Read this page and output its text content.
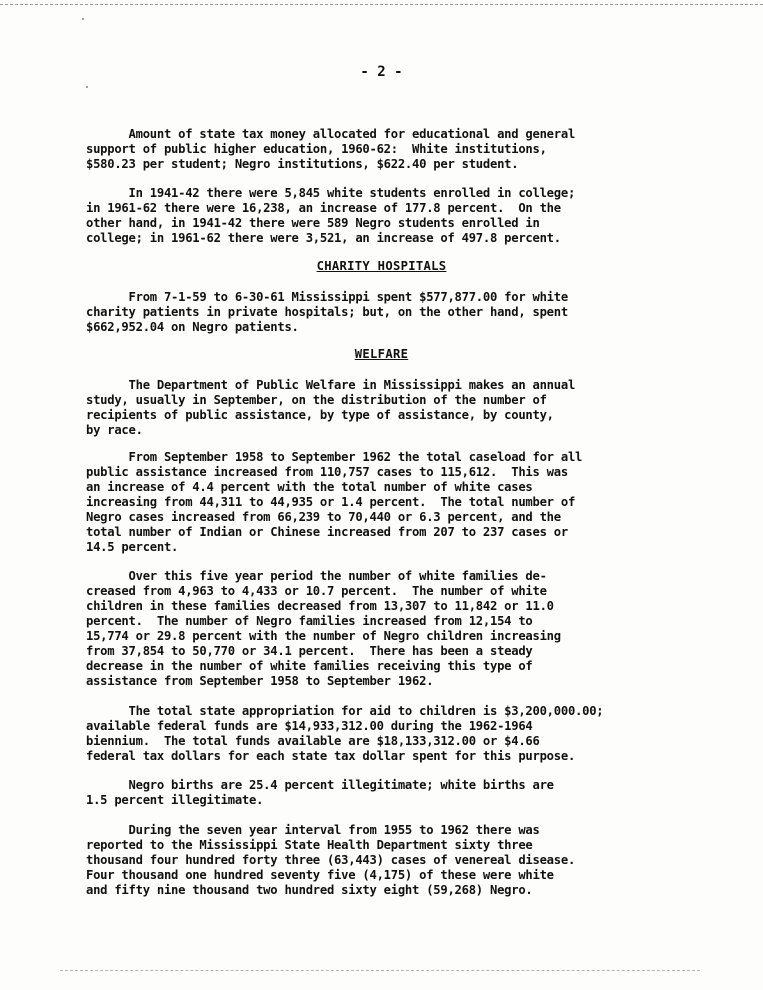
- 2 -
Amount of state tax money allocated for educational and general
support of public higher education, 1960-62:  White institutions,
$580.23 per student; Negro institutions, $622.40 per student.
In 1941-42 there were 5,845 white students enrolled in college;
in 1961-62 there were 16,238, an increase of 177.8 percent.  On the
other hand, in 1941-42 there were 589 Negro students enrolled in
college; in 1961-62 there were 3,521, an increase of 497.8 percent.
CHARITY HOSPITALS
From 7-1-59 to 6-30-61 Mississippi spent $577,877.00 for white
charity patients in private hospitals; but, on the other hand, spent
$662,952.04 on Negro patients.
WELFARE
The Department of Public Welfare in Mississippi makes an annual
study, usually in September, on the distribution of the number of
recipients of public assistance, by type of assistance, by county,
by race.
From September 1958 to September 1962 the total caseload for all
public assistance increased from 110,757 cases to 115,612.  This was
an increase of 4.4 percent with the total number of white cases
increasing from 44,311 to 44,935 or 1.4 percent.  The total number of
Negro cases increased from 66,239 to 70,440 or 6.3 percent, and the
total number of Indian or Chinese increased from 207 to 237 cases or
14.5 percent.
Over this five year period the number of white families de-
creased from 4,963 to 4,433 or 10.7 percent.  The number of white
children in these families decreased from 13,307 to 11,842 or 11.0
percent.  The number of Negro families increased from 12,154 to
15,774 or 29.8 percent with the number of Negro children increasing
from 37,854 to 50,770 or 34.1 percent.  There has been a steady
decrease in the number of white families receiving this type of
assistance from September 1958 to September 1962.
The total state appropriation for aid to children is $3,200,000.00;
available federal funds are $14,933,312.00 during the 1962-1964
biennium.  The total funds available are $18,133,312.00 or $4.66
federal tax dollars for each state tax dollar spent for this purpose.
Negro births are 25.4 percent illegitimate; white births are
1.5 percent illegitimate.
During the seven year interval from 1955 to 1962 there was
reported to the Mississippi State Health Department sixty three
thousand four hundred forty three (63,443) cases of venereal disease.
Four thousand one hundred seventy five (4,175) of these were white
and fifty nine thousand two hundred sixty eight (59,268) Negro.
